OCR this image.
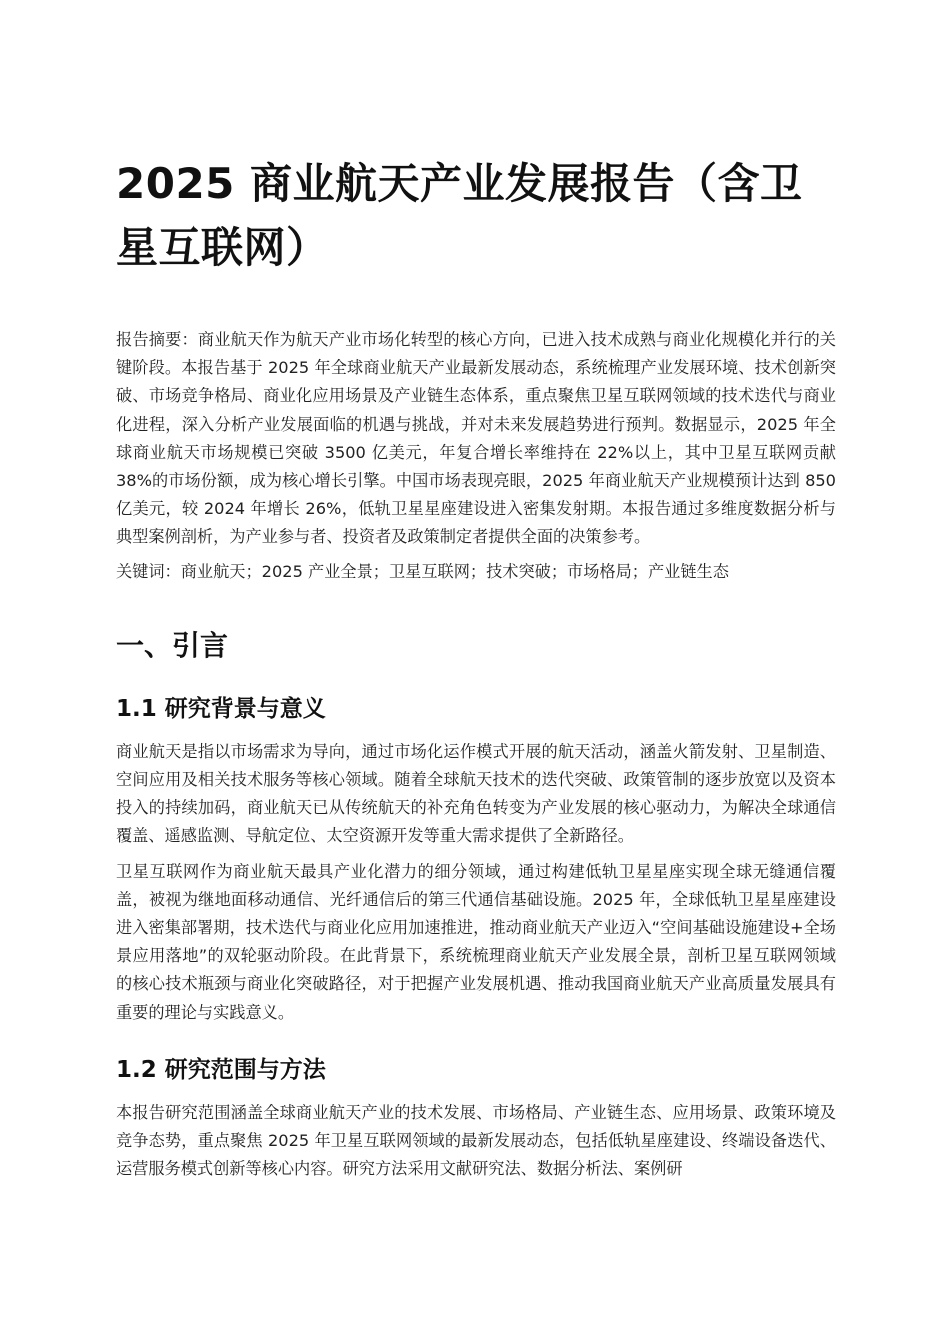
2025 商业航天产业发展报告（含卫星互联网）

报告摘要：商业航天作为航天产业市场化转型的核心方向，已进入技术成熟与商业化规模化并行的关键阶段。本报告基于 2025 年全球商业航天产业最新发展动态，系统梳理产业发展环境、技术创新突破、市场竞争格局、商业化应用场景及产业链生态体系，重点聚焦卫星互联网领域的技术迭代与商业化进程，深入分析产业发展面临的机遇与挑战，并对未来发展趋势进行预判。数据显示，2025 年全球商业航天市场规模已突破 3500 亿美元，年复合增长率维持在 22%以上，其中卫星互联网贡献 38%的市场份额，成为核心增长引擎。中国市场表现亮眼，2025 年商业航天产业规模预计达到 850 亿美元，较 2024 年增长 26%，低轨卫星星座建设进入密集发射期。本报告通过多维度数据分析与典型案例剖析，为产业参与者、投资者及政策制定者提供全面的决策参考。

关键词：商业航天；2025 产业全景；卫星互联网；技术突破；市场格局；产业链生态

一、引言
1.1 研究背景与意义

商业航天是指以市场需求为导向，通过市场化运作模式开展的航天活动，涵盖火箭发射、卫星制造、空间应用及相关技术服务等核心领域。随着全球航天技术的迭代突破、政策管制的逐步放宽以及资本投入的持续加码，商业航天已从传统航天的补充角色转变为产业发展的核心驱动力，为解决全球通信覆盖、遥感监测、导航定位、太空资源开发等重大需求提供了全新路径。

卫星互联网作为商业航天最具产业化潜力的细分领域，通过构建低轨卫星星座实现全球无缝通信覆盖，被视为继地面移动通信、光纤通信后的第三代通信基础设施。2025 年，全球低轨卫星星座建设进入密集部署期，技术迭代与商业化应用加速推进，推动商业航天产业迈入“空间基础设施建设+全场景应用落地”的双轮驱动阶段。在此背景下，系统梳理商业航天产业发展全景，剖析卫星互联网领域的核心技术瓶颈与商业化突破路径，对于把握产业发展机遇、推动我国商业航天产业高质量发展具有重要的理论与实践意义。

1.2 研究范围与方法

本报告研究范围涵盖全球商业航天产业的技术发展、市场格局、产业链生态、应用场景、政策环境及竞争态势，重点聚焦 2025 年卫星互联网领域的最新发展动态，包括低轨星座建设、终端设备迭代、运营服务模式创新等核心内容。研究方法采用文献研究法、数据分析法、案例研
